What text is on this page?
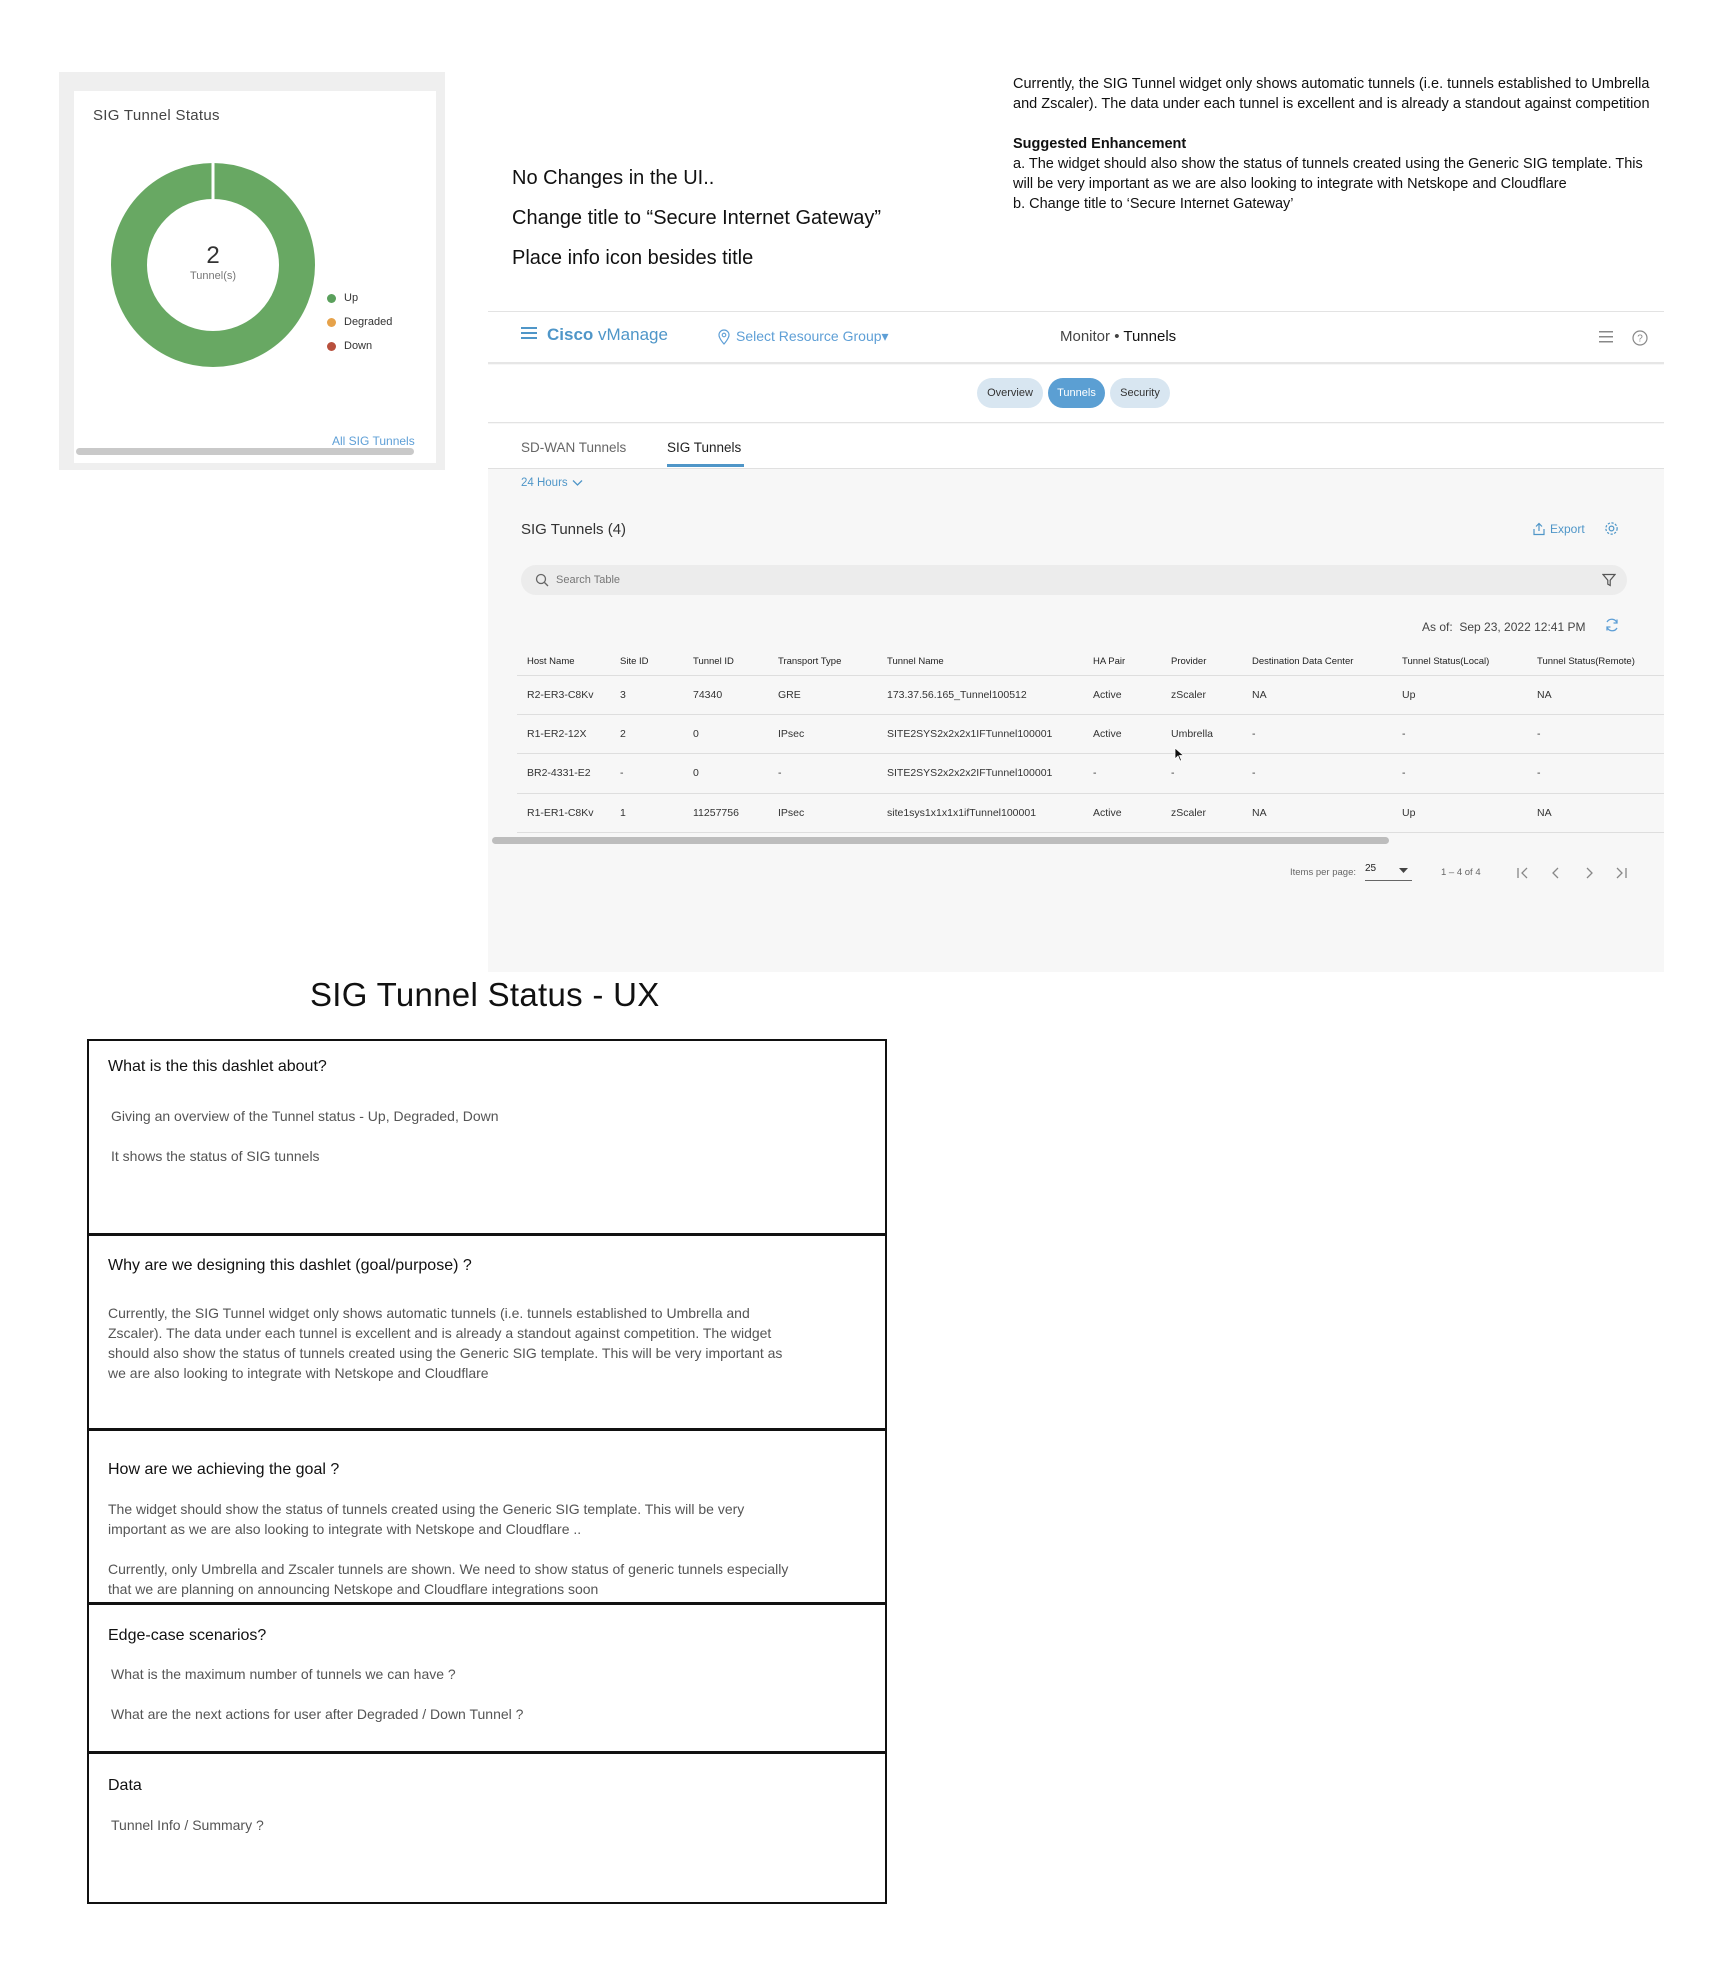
SIG Tunnel Status
2
Tunnel(s)
Up
Degraded
Down
All SIG Tunnels
No Changes in the UI..
Change title to “Secure Internet Gateway”
Place info icon besides title
Currently, the SIG Tunnel widget only shows automatic tunnels (i.e. tunnels established to Umbrella and Zscaler). The data under each tunnel is excellent and is already a standout against competition
Suggested Enhancement
a. The widget should also show the status of tunnels created using the Generic SIG template. This will be very important as we are also looking to integrate with Netskope and Cloudflare
b. Change title to ‘Secure Internet Gateway’
Cisco vManage	Select Resource Group▾	Monitor • Tunnels	?
Overview	Tunnels	Security
SD-WAN Tunnels	SIG Tunnels
24 Hours
SIG Tunnels (4)	Export
Search Table
As of: Sep 23, 2022 12:41 PM
Host Name	Site ID	Tunnel ID	Transport Type	Tunnel Name	HA Pair	Provider	Destination Data Center	Tunnel Status(Local)	Tunnel Status(Remote)
R2-ER3-C8Kv	3	74340	GRE	173.37.56.165_Tunnel100512	Active	zScaler	NA	Up	NA
R1-ER2-12X	2	0	IPsec	SITE2SYS2x2x2x1IFTunnel100001	Active	Umbrella	-	-	-
BR2-4331-E2	-	0	-	SITE2SYS2x2x2x2IFTunnel100001	-	-	-	-	-
R1-ER1-C8Kv	1	11257756	IPsec	site1sys1x1x1x1ifTunnel100001	Active	zScaler	NA	Up	NA
Items per page: 25	1 – 4 of 4
SIG Tunnel Status - UX
What is the this dashlet about?
Giving an overview of the Tunnel status - Up, Degraded, Down
It shows the status of SIG tunnels
Why are we designing this dashlet (goal/purpose) ?
Currently, the SIG Tunnel widget only shows automatic tunnels (i.e. tunnels established to Umbrella and Zscaler). The data under each tunnel is excellent and is already a standout against competition. The widget should also show the status of tunnels created using the Generic SIG template. This will be very important as we are also looking to integrate with Netskope and Cloudflare
How are we achieving the goal ?
The widget should show the status of tunnels created using the Generic SIG template. This will be very important as we are also looking to integrate with Netskope and Cloudflare ..
Currently, only Umbrella and Zscaler tunnels are shown. We need to show status of generic tunnels especially that we are planning on announcing Netskope and Cloudflare integrations soon
Edge-case scenarios?
What is the maximum number of tunnels we can have ?
What are the next actions for user after Degraded / Down Tunnel ?
Data
Tunnel Info / Summary ?
